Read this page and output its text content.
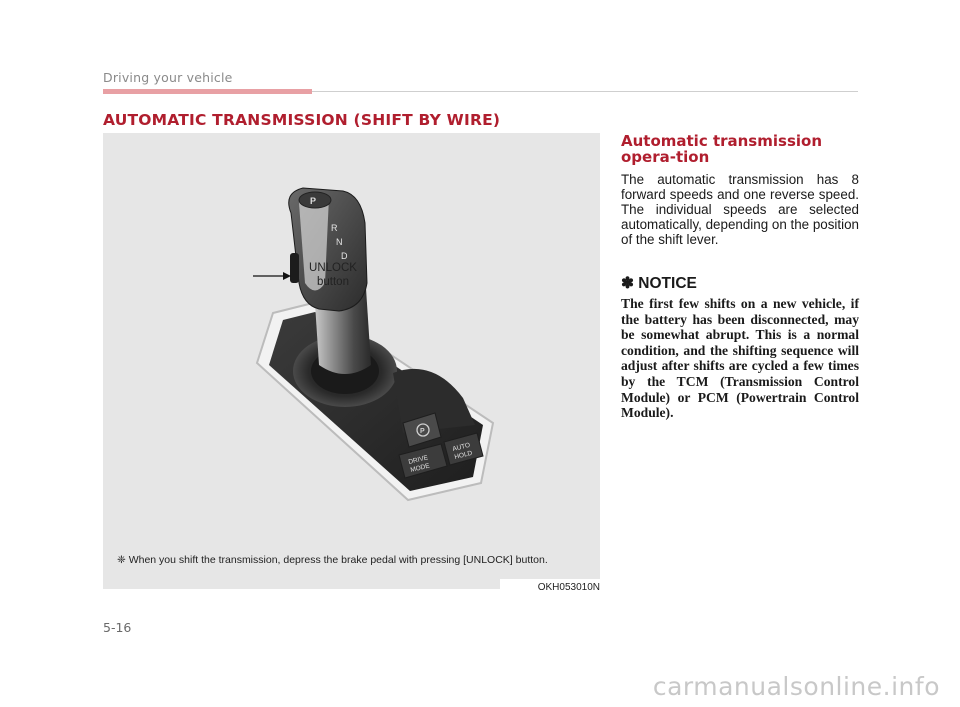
Driving your vehicle
AUTOMATIC TRANSMISSION (SHIFT BY WIRE)
P
R
N
D
P
DRIVE
MODE
AUTO
HOLD
UNLOCK
button
❈ When you shift the transmission, depress the brake pedal with pressing [UNLOCK] button.
OKH053010N
Automatic transmission opera-tion
The automatic transmission has 8 forward speeds and one reverse speed. The individual speeds are selected automatically, depending on the position of the shift lever.
✽ NOTICE
The first few shifts on a new vehicle, if the battery has been disconnected, may be somewhat abrupt. This is a normal condition, and the shifting sequence will adjust after shifts are cycled a few times by the TCM (Transmission Control Module) or PCM (Powertrain Control Module).
5-16
carmanualsonline.info
